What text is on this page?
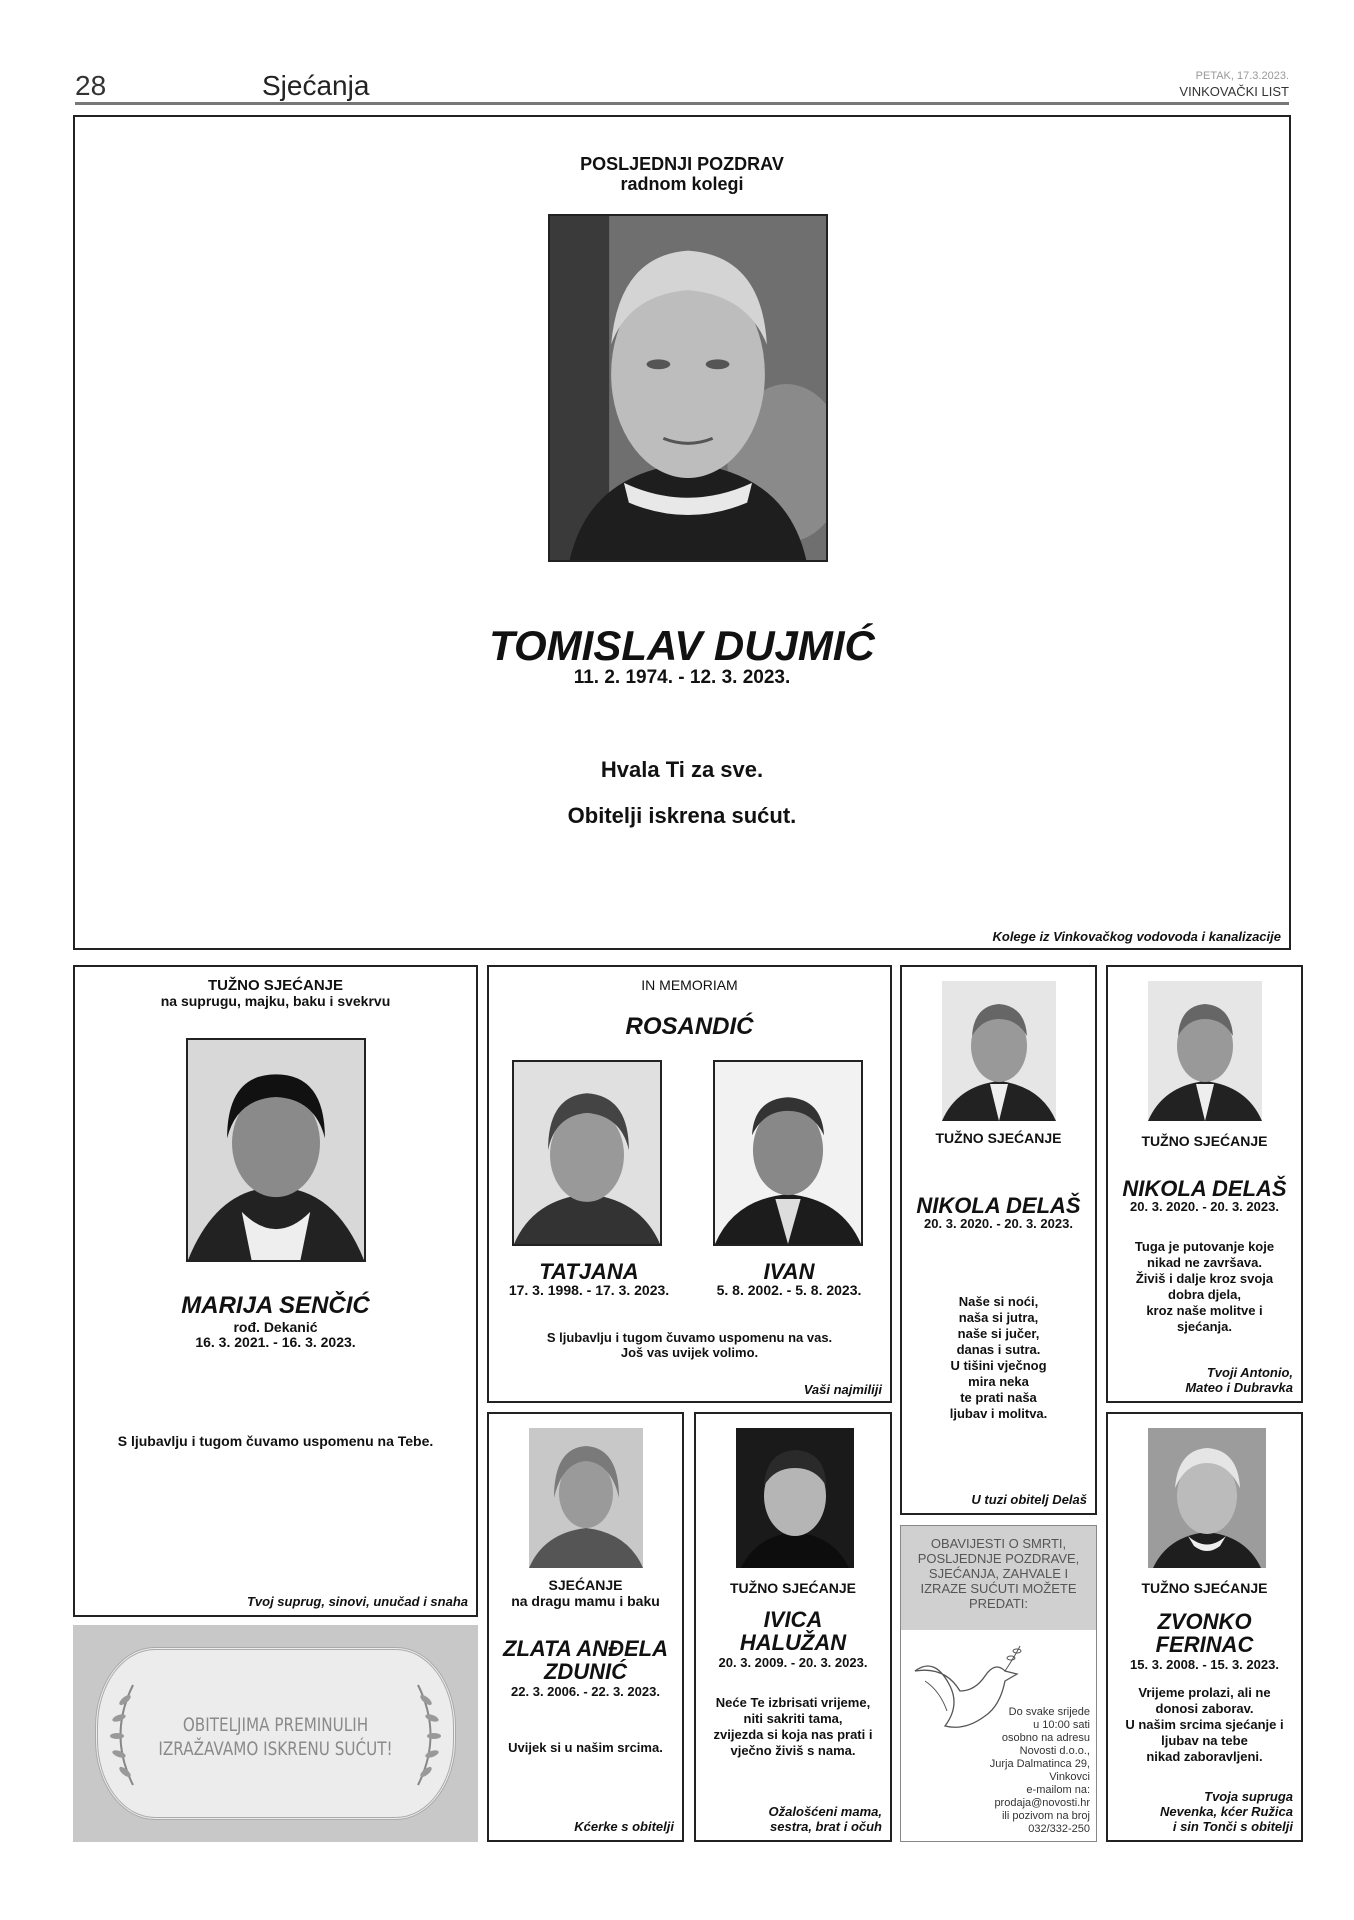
28	Sjećanja	PETAK, 17.3.2023.
VINKOVAČKI LIST
POSLJEDNJI POZDRAV
radnom kolegi
TOMISLAV DUJMIĆ
11. 2. 1974. - 12. 3. 2023.
Hvala Ti za sve.
Obitelji iskrena sućut.
Kolege iz Vinkovačkog vodovoda i kanalizacije
TUŽNO SJEĆANJE
na suprugu, majku, baku i svekrvu
MARIJA SENČIĆ
rođ. Dekanić
16. 3. 2021. - 16. 3. 2023.
S ljubavlju i tugom čuvamo uspomenu na Tebe.
Tvoj suprug, sinovi, unučad i snaha
IN MEMORIAM
ROSANDIĆ
TATJANA
17. 3. 1998. - 17. 3. 2023.
IVAN
5. 8. 2002. - 5. 8. 2023.
S ljubavlju i tugom čuvamo uspomenu na vas.
Još vas uvijek volimo.
Vaši najmiliji
TUŽNO SJEĆANJE
NIKOLA DELAŠ
20. 3. 2020. - 20. 3. 2023.
Naše si noći,
naša si jutra,
naše si jučer,
danas i sutra.
U tišini vječnog
mira neka
te prati naša
ljubav i molitva.
U tuzi obitelj Delaš
TUŽNO SJEĆANJE
NIKOLA DELAŠ
20. 3. 2020. - 20. 3. 2023.
Tuga je putovanje koje
nikad ne završava.
Živiš i dalje kroz svoja
dobra djela,
kroz naše molitve i
sjećanja.
Tvoji Antonio,
Mateo i Dubravka
SJEĆANJE
na dragu mamu i baku
ZLATA ANĐELA
ZDUNIĆ
22. 3. 2006. - 22. 3. 2023.
Uvijek si u našim srcima.
Kćerke s obitelji
TUŽNO SJEĆANJE
IVICA
HALUŽAN
20. 3. 2009. - 20. 3. 2023.
Neće Te izbrisati vrijeme,
niti sakriti tama,
zvijezda si koja nas prati i
vječno živiš s nama.
Ožalošćeni mama,
sestra, brat i očuh
OBAVIJESTI O SMRTI,
POSLJEDNJE POZDRAVE,
SJEĆANJA, ZAHVALE I
IZRAZE SUĆUTI MOŽETE
PREDATI:
Do svake srijede
u 10:00 sati
osobno na adresu
Novosti d.o.o.,
Jurja Dalmatinca 29,
Vinkovci
e-mailom na:
prodaja@novosti.hr
ili pozivom na broj
032/332-250
TUŽNO SJEĆANJE
ZVONKO
FERINAC
15. 3. 2008. - 15. 3. 2023.
Vrijeme prolazi, ali ne
donosi zaborav.
U našim srcima sjećanje i
ljubav na tebe
nikad zaboravljeni.
Tvoja supruga
Nevenka, kćer Ružica
i sin Tonči s obitelji
OBITELJIMA PREMINULIH
IZRAŽAVAMO ISKRENU SUĆUT!
